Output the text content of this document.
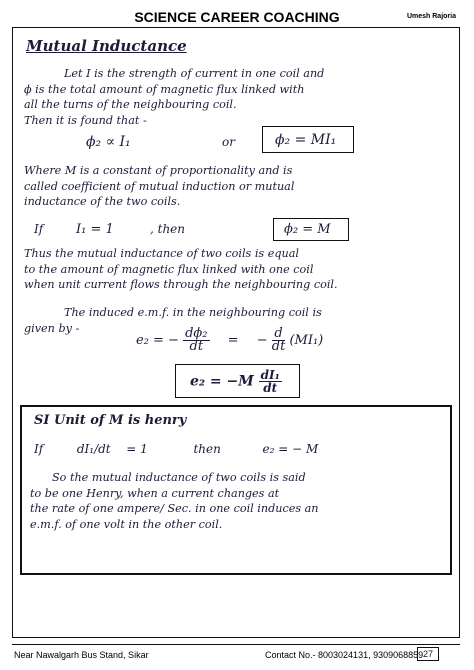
SCIENCE CAREER COACHING	Umesh Rajoria
Mutual Inductance
Let I is the strength of current in one coil and
ϕ is the total amount of magnetic flux linked with
all the turns of the neighbouring coil.
Then it is found that -
ϕ₂ ∝ I₁	or	ϕ₂ = MI₁
Where M is a constant of proportionality and is
called coefficient of mutual induction or mutual
inductance of the two coils.
If	I₁ = 1	, then	ϕ₂ = M
Thus the mutual inductance of two coils is equal
to the amount of magnetic flux linked with one coil
when unit current flows through the neighbouring coil.
The induced e.m.f. in the neighbouring coil is
given by -
e₂ = − $\frac{\text{dϕ₂}}{dt}$ = − $\frac{d}{dt} (MI_1)$
$e_2 = -M \frac{\text{dI₁}}{dt}$
SI Unit of M is henry
If	dI₁/dt = 1	then	e₂ = − M
So the mutual inductance of two coils is said
to be one Henry, when a current changes at
the rate of one ampere/ Sec. in one coil induces an
e.m.f. of one volt in the other coil.
Near Nawalgarh Bus Stand, Sikar	Contact No.- 8003024131, 9309068859 27
